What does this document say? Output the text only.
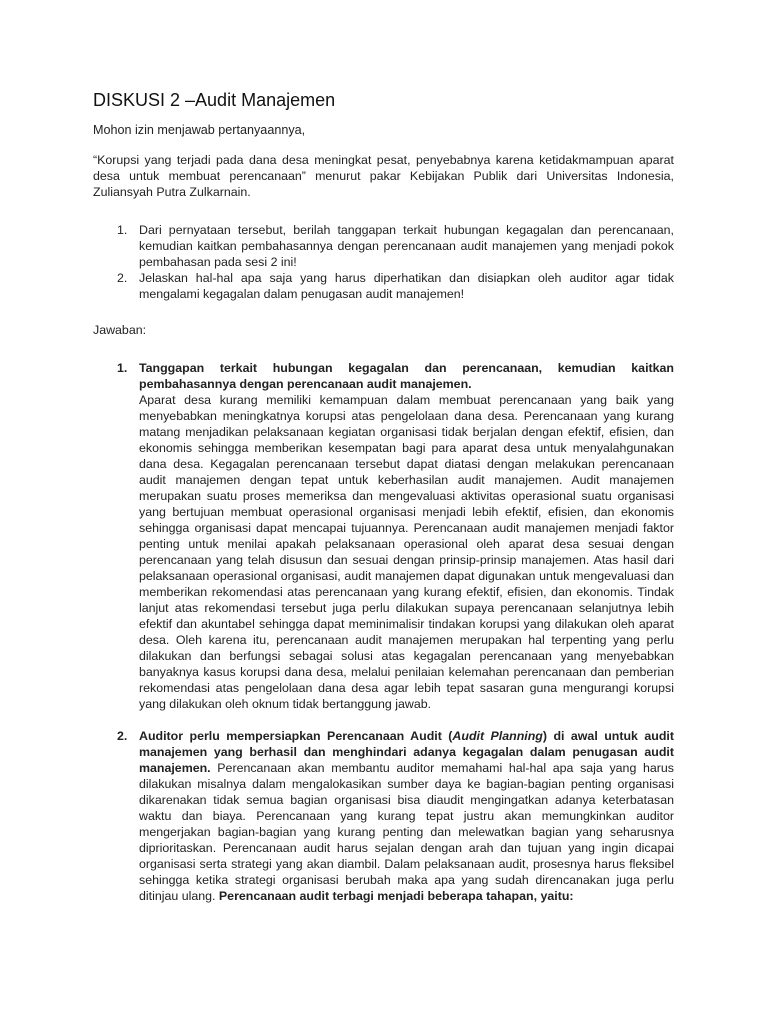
DISKUSI 2 –Audit Manajemen
Mohon izin menjawab pertanyaannya,
“Korupsi yang terjadi pada dana desa meningkat pesat, penyebabnya karena ketidakmampuan aparat desa untuk membuat perencanaan” menurut pakar Kebijakan Publik dari Universitas Indonesia, Zuliansyah Putra Zulkarnain.
1. Dari pernyataan tersebut, berilah tanggapan terkait hubungan kegagalan dan perencanaan, kemudian kaitkan pembahasannya dengan perencanaan audit manajemen yang menjadi pokok pembahasan pada sesi 2 ini!
2. Jelaskan hal-hal apa saja yang harus diperhatikan dan disiapkan oleh auditor agar tidak mengalami kegagalan dalam penugasan audit manajemen!
Jawaban:
1. Tanggapan terkait hubungan kegagalan dan perencanaan, kemudian kaitkan pembahasannya dengan perencanaan audit manajemen.
Aparat desa kurang memiliki kemampuan dalam membuat perencanaan yang baik yang menyebabkan meningkatnya korupsi atas pengelolaan dana desa. Perencanaan yang kurang matang menjadikan pelaksanaan kegiatan organisasi tidak berjalan dengan efektif, efisien, dan ekonomis sehingga memberikan kesempatan bagi para aparat desa untuk menyalahgunakan dana desa. Kegagalan perencanaan tersebut dapat diatasi dengan melakukan perencanaan audit manajemen dengan tepat untuk keberhasilan audit manajemen. Audit manajemen merupakan suatu proses memeriksa dan mengevaluasi aktivitas operasional suatu organisasi yang bertujuan membuat operasional organisasi menjadi lebih efektif, efisien, dan ekonomis sehingga organisasi dapat mencapai tujuannya. Perencanaan audit manajemen menjadi faktor penting untuk menilai apakah pelaksanaan operasional oleh aparat desa sesuai dengan perencanaan yang telah disusun dan sesuai dengan prinsip-prinsip manajemen. Atas hasil dari pelaksanaan operasional organisasi, audit manajemen dapat digunakan untuk mengevaluasi dan memberikan rekomendasi atas perencanaan yang kurang efektif, efisien, dan ekonomis. Tindak lanjut atas rekomendasi tersebut juga perlu dilakukan supaya perencanaan selanjutnya lebih efektif dan akuntabel sehingga dapat meminimalisir tindakan korupsi yang dilakukan oleh aparat desa. Oleh karena itu, perencanaan audit manajemen merupakan hal terpenting yang perlu dilakukan dan berfungsi sebagai solusi atas kegagalan perencanaan yang menyebabkan banyaknya kasus korupsi dana desa, melalui penilaian kelemahan perencanaan dan pemberian rekomendasi atas pengelolaan dana desa agar lebih tepat sasaran guna mengurangi korupsi yang dilakukan oleh oknum tidak bertanggung jawab.
2. Auditor perlu mempersiapkan Perencanaan Audit (Audit Planning) di awal untuk audit manajemen yang berhasil dan menghindari adanya kegagalan dalam penugasan audit manajemen. Perencanaan akan membantu auditor memahami hal-hal apa saja yang harus dilakukan misalnya dalam mengalokasikan sumber daya ke bagian-bagian penting organisasi dikarenakan tidak semua bagian organisasi bisa diaudit mengingatkan adanya keterbatasan waktu dan biaya. Perencanaan yang kurang tepat justru akan memungkinkan auditor mengerjakan bagian-bagian yang kurang penting dan melewatkan bagian yang seharusnya diprioritaskan. Perencanaan audit harus sejalan dengan arah dan tujuan yang ingin dicapai organisasi serta strategi yang akan diambil. Dalam pelaksanaan audit, prosesnya harus fleksibel sehingga ketika strategi organisasi berubah maka apa yang sudah direncanakan juga perlu ditinjau ulang. Perencanaan audit terbagi menjadi beberapa tahapan, yaitu:
